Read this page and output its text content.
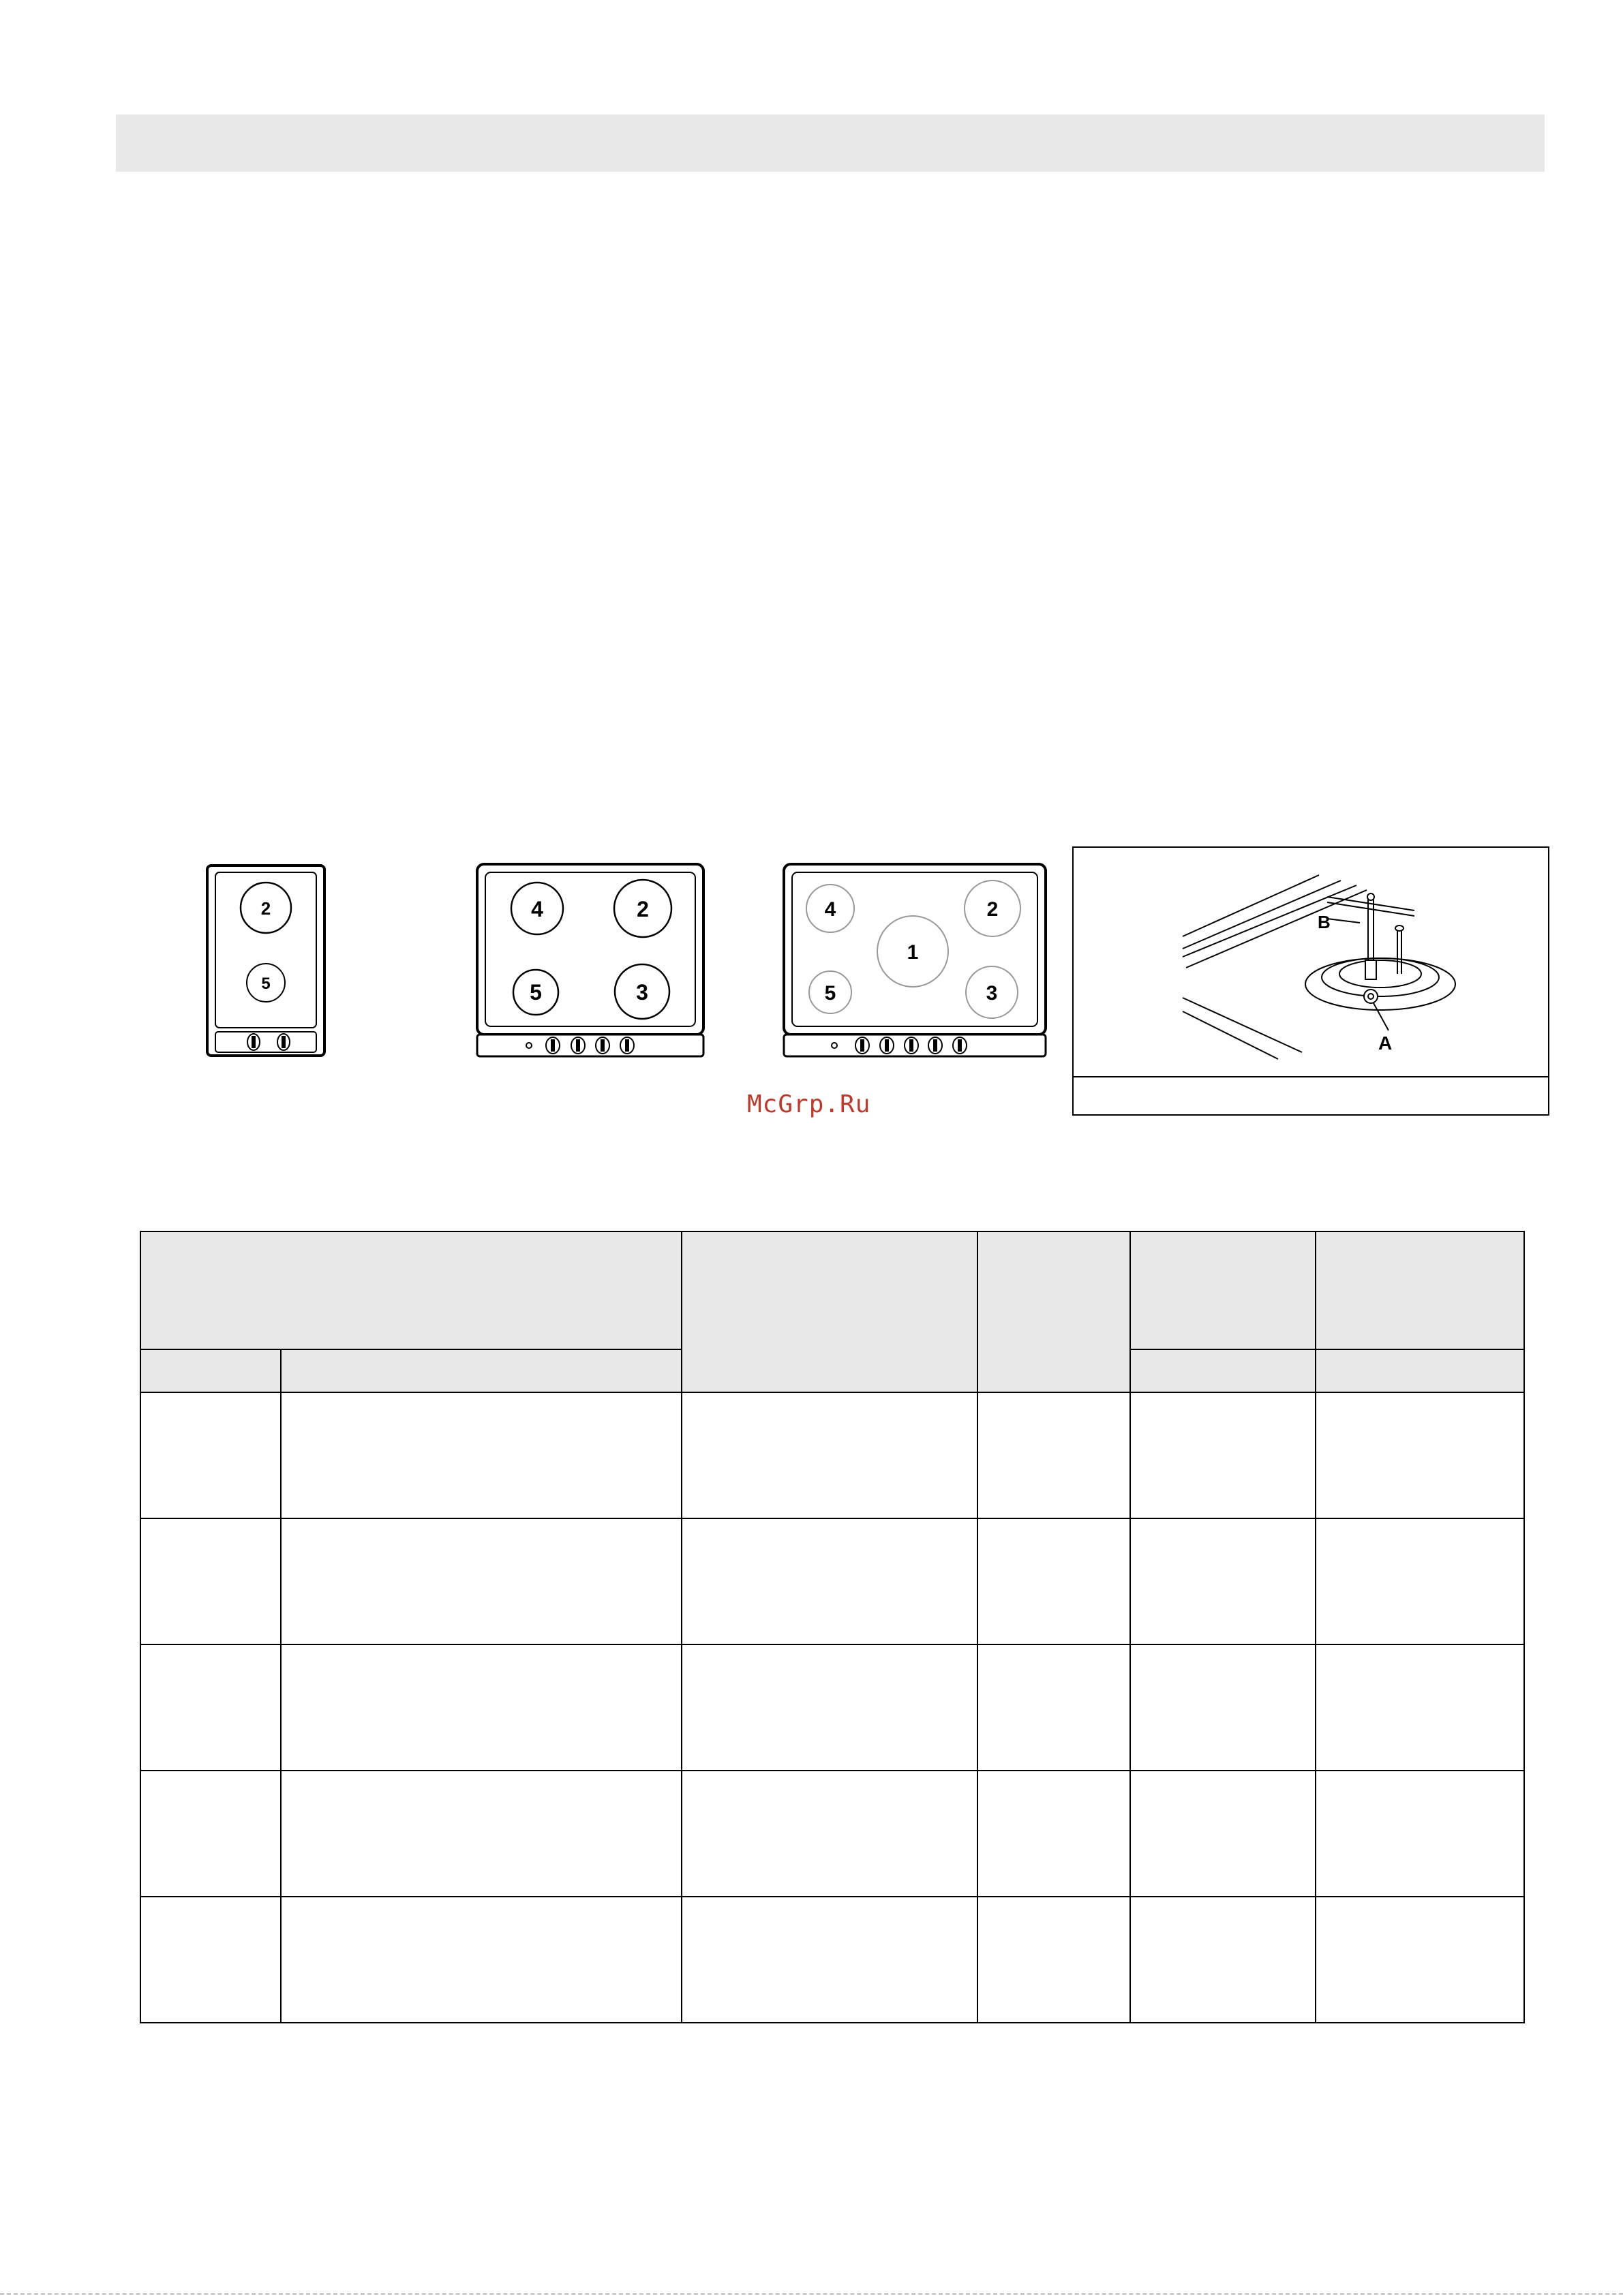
2
5
4	2
5	3
4	2
1
5	3
B
A
McGrp.Ru
